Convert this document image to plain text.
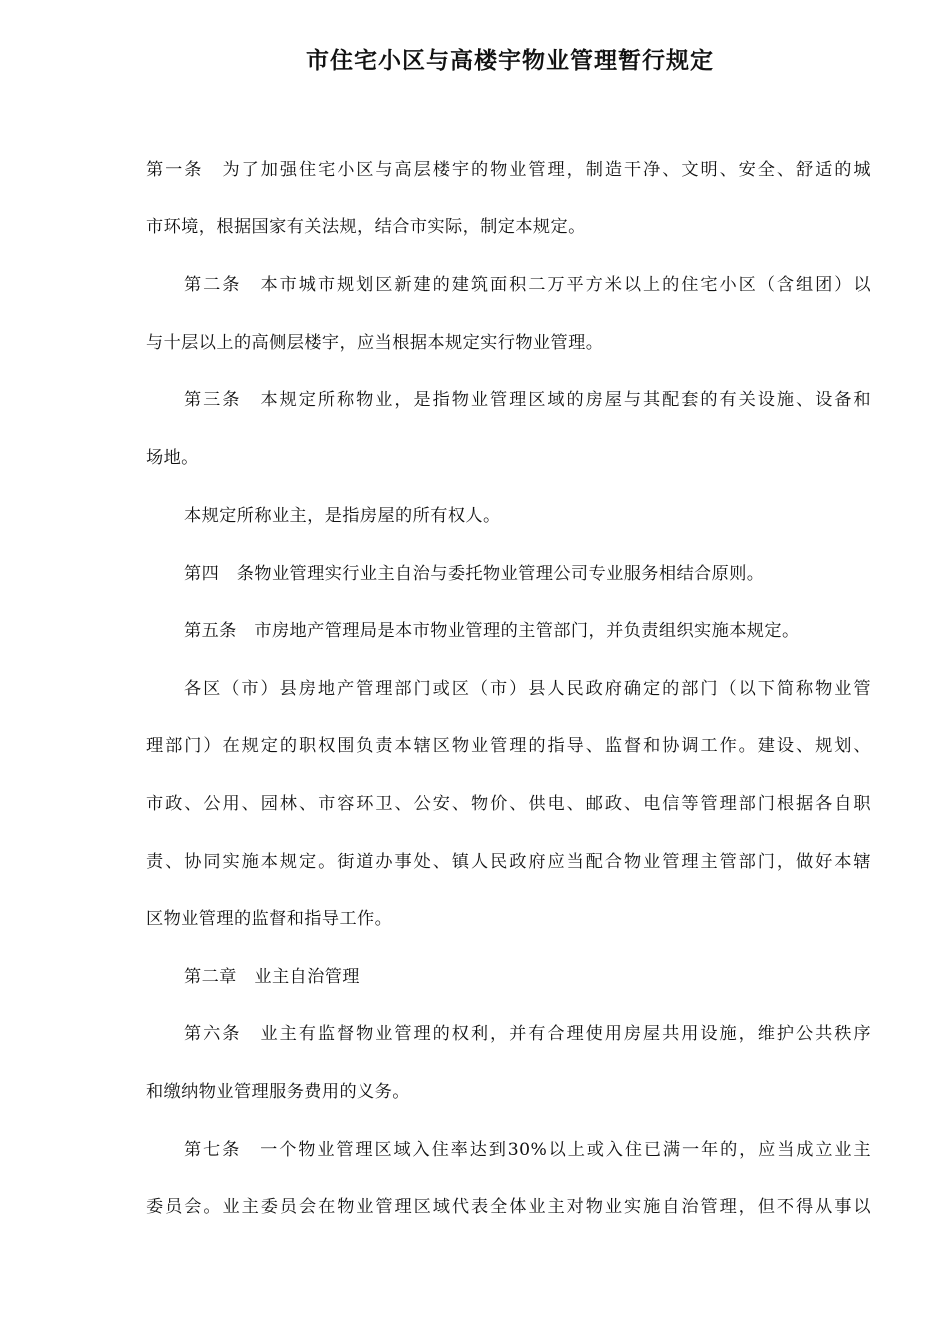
市住宅小区与高楼宇物业管理暂行规定
第一条　为了加强住宅小区与高层楼宇的物业管理，制造干净、文明、安全、舒适的城
市环境，根据国家有关法规，结合市实际，制定本规定。
第二条　本市城市规划区新建的建筑面积二万平方米以上的住宅小区（含组团）以
与十层以上的高侧层楼宇，应当根据本规定实行物业管理。
第三条　本规定所称物业，是指物业管理区域的房屋与其配套的有关设施、设备和
场地。
本规定所称业主，是指房屋的所有权人。
第四　条物业管理实行业主自治与委托物业管理公司专业服务相结合原则。
第五条　市房地产管理局是本市物业管理的主管部门，并负责组织实施本规定。
各区（市）县房地产管理部门或区（市）县人民政府确定的部门（以下简称物业管
理部门）在规定的职权围负责本辖区物业管理的指导、监督和协调工作。建设、规划、
市政、公用、园林、市容环卫、公安、物价、供电、邮政、电信等管理部门根据各自职
责、协同实施本规定。街道办事处、镇人民政府应当配合物业管理主管部门，做好本辖
区物业管理的监督和指导工作。
第二章　业主自治管理
第六条　业主有监督物业管理的权利，并有合理使用房屋共用设施，维护公共秩序
和缴纳物业管理服务费用的义务。
第七条　一个物业管理区域入住率达到30%以上或入住已满一年的，应当成立业主
委员会。业主委员会在物业管理区域代表全体业主对物业实施自治管理，但不得从事以
